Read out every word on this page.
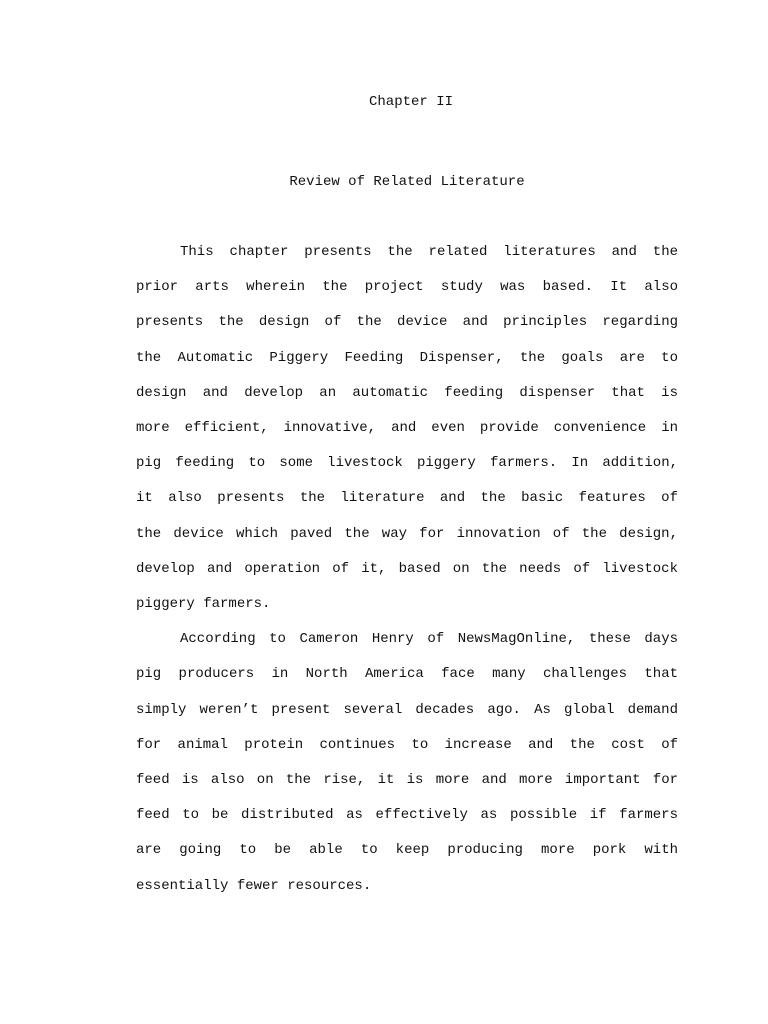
Chapter II
Review of Related Literature

This chapter presents the related literatures and the
prior arts wherein the project study was based. It also
presents the design of the device and principles regarding
the Automatic Piggery Feeding Dispenser, the goals are to
design and develop an automatic feeding dispenser that is
more efficient, innovative, and even provide convenience in
pig feeding to some livestock piggery farmers. In addition,
it also presents the literature and the basic features of
the device which paved the way for innovation of the design,
develop and operation of it, based on the needs of livestock
piggery farmers.

According to Cameron Henry of NewsMagOnline, these days
pig producers in North America face many challenges that
simply weren’t present several decades ago. As global demand
for animal protein continues to increase and the cost of
feed is also on the rise, it is more and more important for
feed to be distributed as effectively as possible if farmers
are going to be able to keep producing more pork with
essentially fewer resources.
